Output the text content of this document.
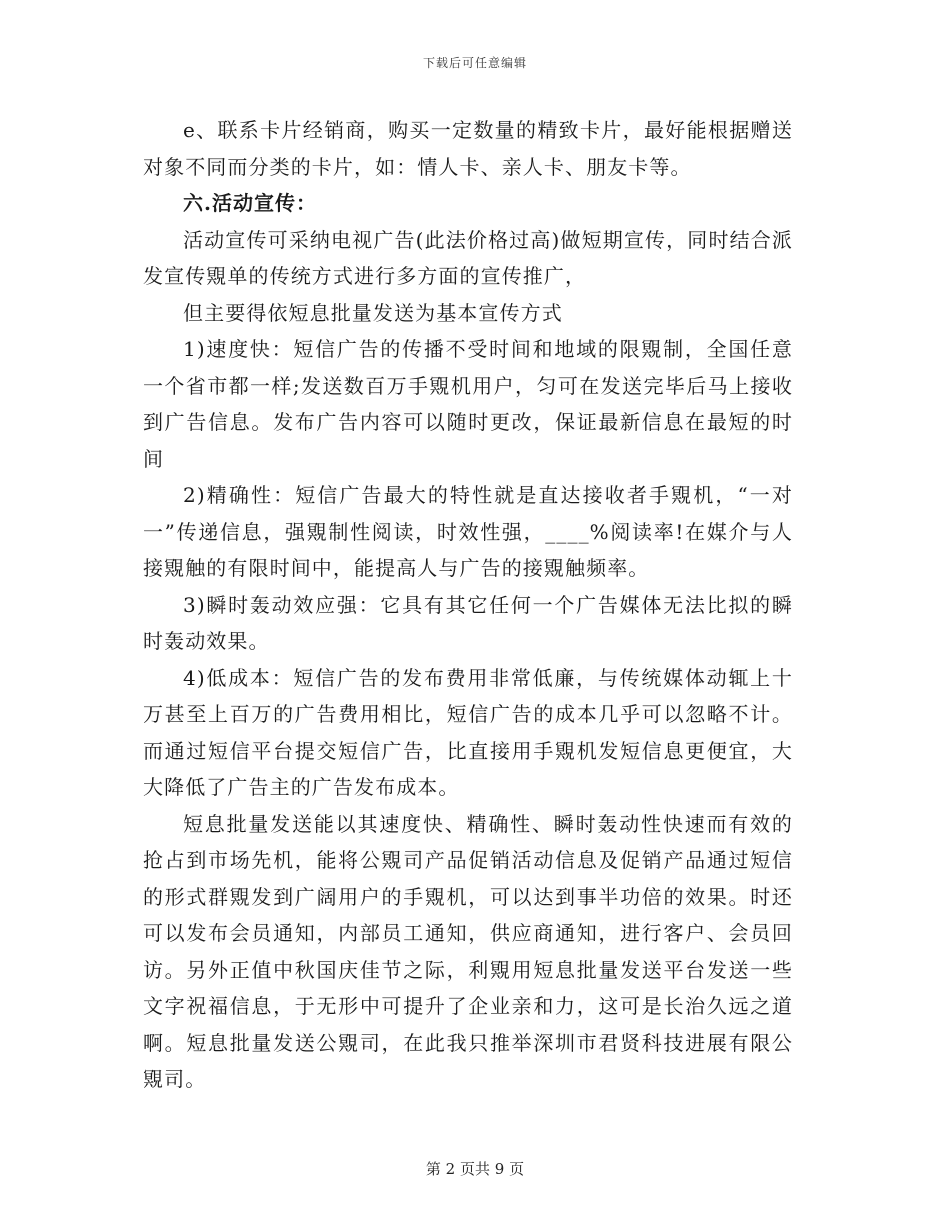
下载后可任意编辑

e、联系卡片经销商，购买一定数量的精致卡片，最好能根据赠送对象不同而分类的卡片，如：情人卡、亲人卡、朋友卡等。

六.活动宣传：

活动宣传可采纳电视广告(此法价格过高)做短期宣传，同时结合派发宣传覭单的传统方式进行多方面的宣传推广，

但主要得依短息批量发送为基本宣传方式

1)速度快：短信广告的传播不受时间和地域的限覭制，全国任意一个省市都一样;发送数百万手覭机用户，匀可在发送完毕后马上接收到广告信息。发布广告内容可以随时更改，保证最新信息在最短的时间

2)精确性：短信广告最大的特性就是直达接收者手覭机，“一对一”传递信息，强覭制性阅读，时效性强，____%阅读率!在媒介与人接覭触的有限时间中，能提高人与广告的接覭触频率。

3)瞬时轰动效应强：它具有其它任何一个广告媒体无法比拟的瞬时轰动效果。

4)低成本：短信广告的发布费用非常低廉，与传统媒体动辄上十万甚至上百万的广告费用相比，短信广告的成本几乎可以忽略不计。而通过短信平台提交短信广告，比直接用手覭机发短信息更便宜，大大降低了广告主的广告发布成本。

短息批量发送能以其速度快、精确性、瞬时轰动性快速而有效的抢占到市场先机，能将公覭司产品促销活动信息及促销产品通过短信的形式群覭发到广阔用户的手覭机，可以达到事半功倍的效果。时还可以发布会员通知，内部员工通知，供应商通知，进行客户、会员回访。另外正值中秋国庆佳节之际，利覭用短息批量发送平台发送一些文字祝福信息，于无形中可提升了企业亲和力，这可是长治久远之道啊。短息批量发送公覭司，在此我只推举深圳市君贤科技进展有限公覭司。

第 2 页共 9 页
